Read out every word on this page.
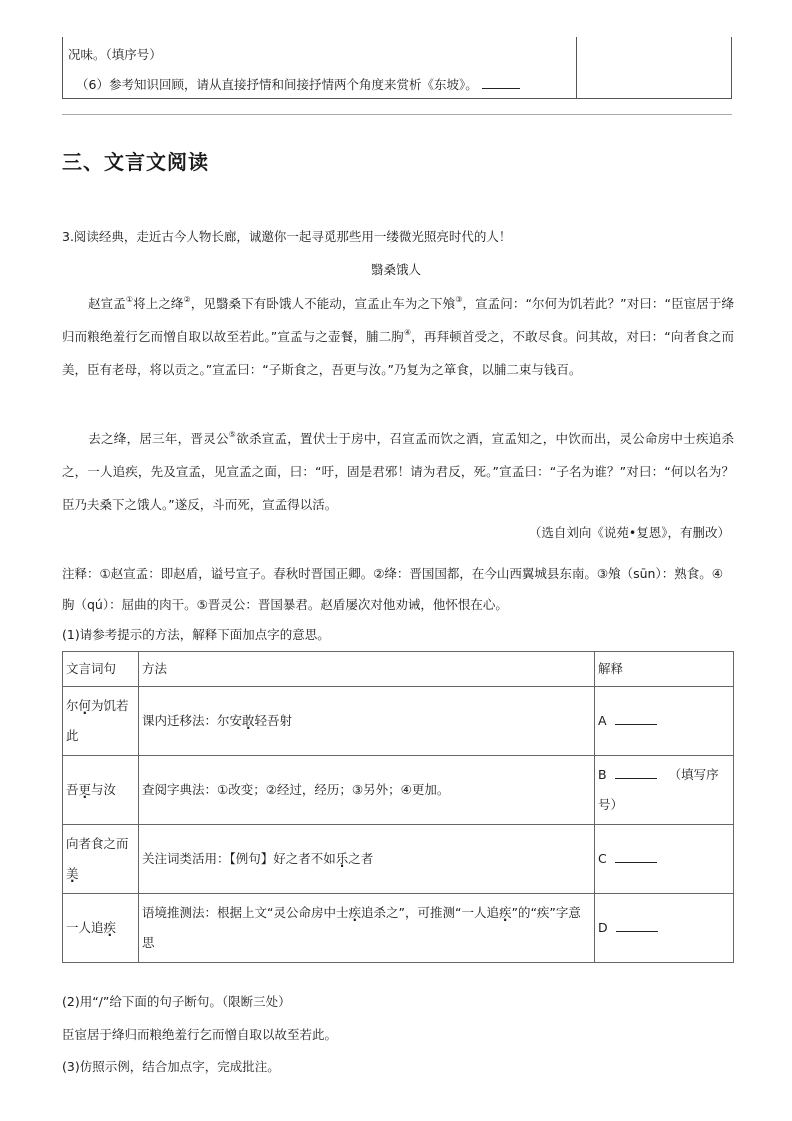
况味。（填序号）
（6）参考知识回顾，请从直接抒情和间接抒情两个角度来赏析《东坡》。
三、文言文阅读
3.阅读经典，走近古今人物长廊，诚邀你一起寻觅那些用一缕微光照亮时代的人！
翳桑饿人
赵宣孟①将上之绛②，见翳桑下有卧饿人不能动，宣孟止车为之下飧③，宣孟问：“尔何为饥若此？”对曰：“臣宦居于绛归而粮绝羞行乞而憎自取以故至若此。”宣孟与之壶餐，脯二朐④，再拜顿首受之，不敢尽食。问其故，对曰：“向者食之而美，臣有老母，将以贡之。”宣孟曰：“子斯食之，吾更与汝。”乃复为之箪食，以脯二束与钱百。
去之绛，居三年，晋灵公⑤欲杀宣孟，置伏士于房中，召宣孟而饮之酒，宣孟知之，中饮而出，灵公命房中士疾追杀之，一人追疾，先及宣孟，见宣孟之面，曰：“吁，固是君邪！请为君反，死。”宣孟曰：“子名为谁？”对曰：“何以名为？臣乃夫桑下之饿人。”遂反，斗而死，宣孟得以活。
（选自刘向《说苑•复恩》，有删改）
注释：①赵宣孟：即赵盾，谥号宣子。春秋时晋国正卿。②绛：晋国国都，在今山西翼城县东南。③飧（sūn）：熟食。④朐（qú）：屈曲的肉干。⑤晋灵公：晋国暴君。赵盾屡次对他劝诫，他怀恨在心。
(1)请参考提示的方法，解释下面加点字的意思。
文言词句	方法	解释
尔何为饥若此	课内迁移法：尔安敢轻吾射	A
吾更与汝	查阅字典法：①改变；②经过，经历；③另外；④更加。	B （填写序号）
向者食之而美	关注词类活用：【例句】好之者不如乐之者	C
一人追疾	语境推测法：根据上文“灵公命房中士疾追杀之”，可推测“一人追疾”的“疾”字意思	D
(2)用“/”给下面的句子断句。（限断三处）
臣宦居于绛归而粮绝羞行乞而憎自取以故至若此。
(3)仿照示例，结合加点字，完成批注。
